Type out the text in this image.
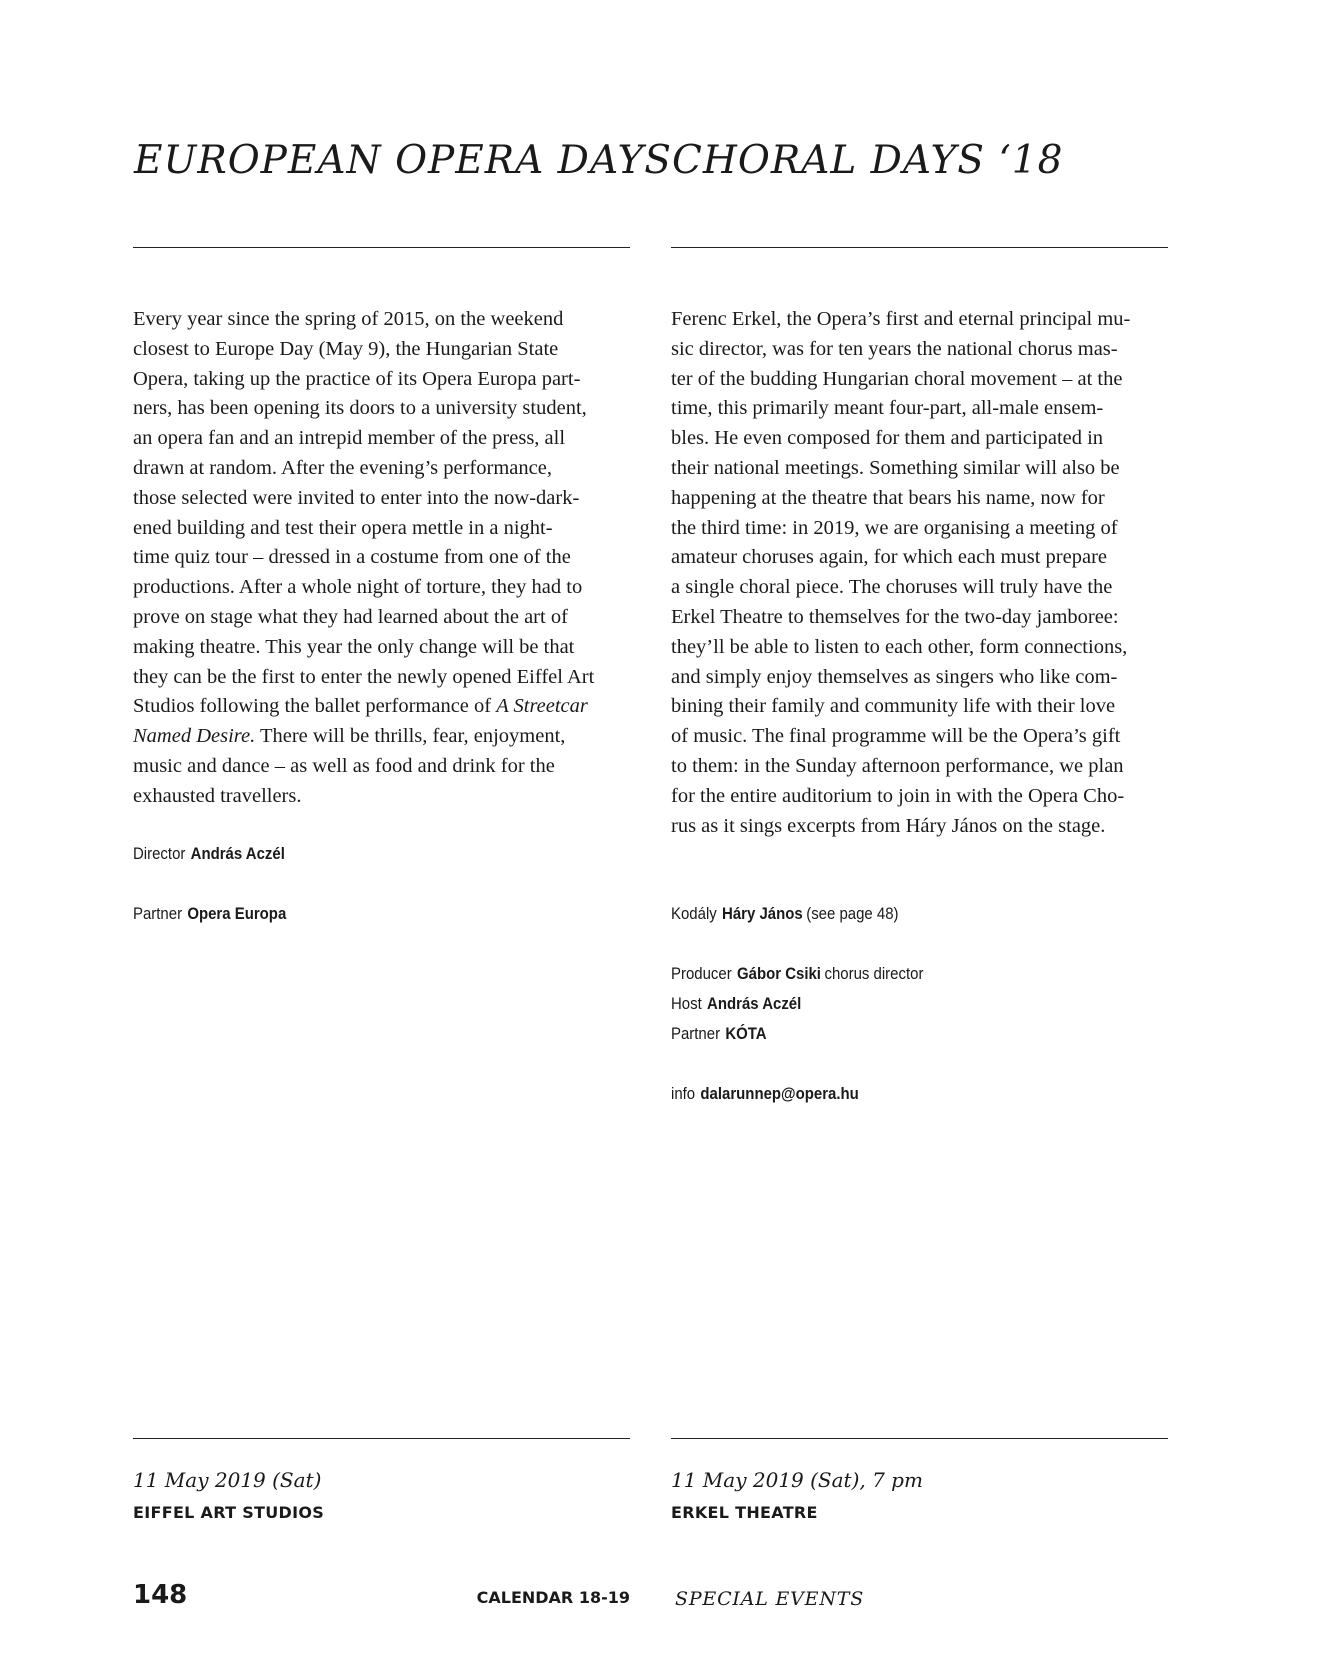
EUROPEAN OPERA DAYS

Every year since the spring of 2015, on the weekend

closest to Europe Day (May 9), the Hungarian State

Opera, taking up the practice of its Opera Europa part-

ners, has been opening its doors to a university student,

an opera fan and an intrepid member of the press, all

drawn at random. After the evening’s performance,

those selected were invited to enter into the now-dark-

ened building and test their opera mettle in a night-

time quiz tour – dressed in a costume from one of the

productions. After a whole night of torture, they had to

prove on stage what they had learned about the art of

making theatre. This year the only change will be that

they can be the first to enter the newly opened Eiffel Art

Studios following the ballet performance of A Streetcar

Named Desire. There will be thrills, fear, enjoyment,

music and dance – as well as food and drink for the

exhausted travellers.

Director András Aczél

Partner Opera Europa

11 May 2019 (Sat)

EIFFEL ART STUDIOS

CHORAL DAYS ‘18

Ferenc Erkel, the Opera’s first and eternal principal mu-

sic director, was for ten years the national chorus mas-

ter of the budding Hungarian choral movement – at the

time, this primarily meant four-part, all-male ensem-

bles. He even composed for them and participated in

their national meetings. Something similar will also be

happening at the theatre that bears his name, now for

the third time: in 2019, we are organising a meeting of

amateur choruses again, for which each must prepare

a single choral piece. The choruses will truly have the

Erkel Theatre to themselves for the two-day jamboree:

they’ll be able to listen to each other, form connections,

and simply enjoy themselves as singers who like com-

bining their family and community life with their love

of music. The final programme will be the Opera’s gift

to them: in the Sunday afternoon performance, we plan

for the entire auditorium to join in with the Opera Cho-

rus as it sings excerpts from Háry János on the stage.

Kodály Háry János (see page 48)

Producer Gábor Csiki chorus director

Host András Aczél

Partner KÓTA

info dalarunnep@opera.hu

11 May 2019 (Sat), 7 pm

ERKEL THEATRE

148	CALENDAR 18-19 SPECIAL EVENTS
